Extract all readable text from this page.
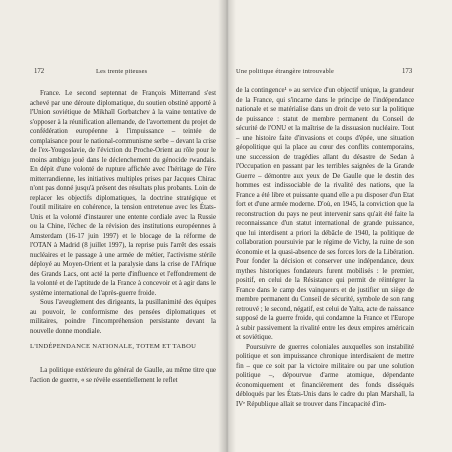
172	Les trente piteuses

France. Le second septennat de François Mitterrand s'est achevé par une déroute diplomatique, du soutien obstiné apporté à l'Union soviétique de Mikhaïl Gorbatchev à la vaine tentative de s'opposer à la réunification allemande, de l'avortement du projet de confédération européenne à l'impuissance – teintée de complaisance pour le national-communisme serbe – devant la crise de l'ex-Yougoslavie, de l'éviction du Proche-Orient au rôle pour le moins ambigu joué dans le déclenchement du génocide rwandais. En dépit d'une volonté de rupture affichée avec l'héritage de l'ère mitterrandienne, les initiatives multiples prises par Jacques Chirac n'ont pas donné jusqu'à présent des résultats plus probants. Loin de replacer les objectifs diplomatiques, la doctrine stratégique et l'outil militaire en cohérence, la tension entretenue avec les États-Unis et la volonté d'instaurer une entente cordiale avec la Russie ou la Chine, l'échec de la révision des institutions européennes à Amsterdam (16-17 juin 1997) et le blocage de la réforme de l'OTAN à Madrid (8 juillet 1997), la reprise puis l'arrêt des essais nucléaires et le passage à une armée de métier, l'activisme stérile déployé au Moyen-Orient et la paralysie dans la crise de l'Afrique des Grands Lacs, ont acté la perte d'influence et l'effondrement de la volonté et de l'aptitude de la France à concevoir et à agir dans le système international de l'après-guerre froide.

Sous l'aveuglement des dirigeants, la pusillanimité des équipes au pouvoir, le conformisme des pensées diplomatiques et militaires, poindre l'incompréhension persistante devant la nouvelle donne mondiale.

L'INDÉPENDANCE NATIONALE, TOTEM ET TABOU

La politique extérieure du général de Gaulle, au même titre que l'action de guerre, « se révèle essentiellement le reflet

Une politique étrangère introuvable	173

de la contingence¹ » au service d'un objectif unique, la grandeur de la France, qui s'incarne dans le principe de l'indépendance nationale et se matérialise dans un droit de veto sur la politique de puissance : statut de membre permanent du Conseil de sécurité de l'ONU et la maîtrise de la dissuasion nucléaire. Tout – une histoire faite d'invasions et coups d'épée, une situation géopolitique qui la place au cœur des conflits contemporains, une succession de tragédies allant du désastre de Sedan à l'Occupation en passant par les terribles saignées de la Grande Guerre – démontre aux yeux de De Gaulle que le destin des hommes est indissociable de la rivalité des nations, que la France a été libre et puissante quand elle a pu disposer d'un Etat fort et d'une armée moderne. D'où, en 1945, la conviction que la reconstruction du pays ne peut intervenir sans qu'ait été faite la reconnaissance d'un statut international de grande puissance, que lui interdisent a priori la débâcle de 1940, la politique de collaboration poursuivie par le régime de Vichy, la ruine de son économie et la quasi-absence de ses forces lors de la Libération. Pour fonder la décision et conserver une indépendance, deux mythes historiques fondateurs furent mobilisés : le premier, positif, en celui de la Résistance qui permit de réintégrer la France dans le camp des vainqueurs et de justifier un siège de membre permanent du Conseil de sécurité, symbole de son rang retrouvé ; le second, négatif, est celui de Yalta, acte de naissance supposé de la guerre froide, qui condamne la France et l'Europe à subir passivement la rivalité entre les deux empires américain et soviétique.

Poursuivre de guerres coloniales auxquelles son instabilité politique et son impuissance chronique interdisaient de mettre fin – que ce soit par la victoire militaire ou par une solution politique –, dépourvue d'arme atomique, dépendante économiquement et financièrement des fonds disséqués débloqués par les États-Unis dans le cadre du plan Marshall, la IVᵉ République allait se trouver dans l'incapacité d'im-
